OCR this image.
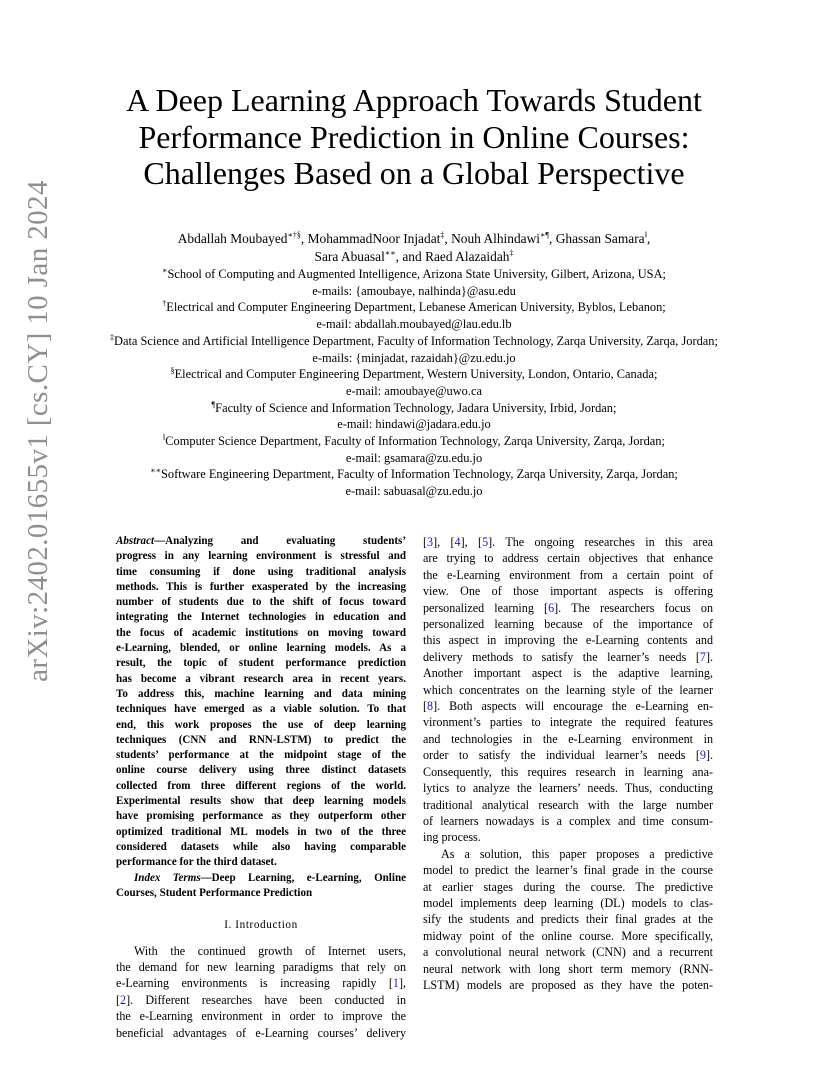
arXiv:2402.01655v1 [cs.CY] 10 Jan 2024
A Deep Learning Approach Towards Student
Performance Prediction in Online Courses:
Challenges Based on a Global Perspective
Abdallah Moubayed∗†§, MohammadNoor Injadat‡, Nouh Alhindawi∗¶, Ghassan Samara‖,
Sara Abuasal∗∗, and Raed Alazaidah‡
∗School of Computing and Augmented Intelligence, Arizona State University, Gilbert, Arizona, USA;
e-mails: {amoubaye, nalhinda}@asu.edu
†Electrical and Computer Engineering Department, Lebanese American University, Byblos, Lebanon;
e-mail: abdallah.moubayed@lau.edu.lb
‡Data Science and Artificial Intelligence Department, Faculty of Information Technology, Zarqa University, Zarqa, Jordan;
e-mails: {minjadat, razaidah}@zu.edu.jo
§Electrical and Computer Engineering Department, Western University, London, Ontario, Canada;
e-mail: amoubaye@uwo.ca
¶Faculty of Science and Information Technology, Jadara University, Irbid, Jordan;
e-mail: hindawi@jadara.edu.jo
‖Computer Science Department, Faculty of Information Technology, Zarqa University, Zarqa, Jordan;
e-mail: gsamara@zu.edu.jo
∗∗Software Engineering Department, Faculty of Information Technology, Zarqa University, Zarqa, Jordan;
e-mail: sabuasal@zu.edu.jo
Abstract—Analyzing and evaluating students’
progress in any learning environment is stressful and
time consuming if done using traditional analysis
methods. This is further exasperated by the increasing
number of students due to the shift of focus toward
integrating the Internet technologies in education and
the focus of academic institutions on moving toward
e-Learning, blended, or online learning models. As a
result, the topic of student performance prediction
has become a vibrant research area in recent years.
To address this, machine learning and data mining
techniques have emerged as a viable solution. To that
end, this work proposes the use of deep learning
techniques (CNN and RNN-LSTM) to predict the
students’ performance at the midpoint stage of the
online course delivery using three distinct datasets
collected from three different regions of the world.
Experimental results show that deep learning models
have promising performance as they outperform other
optimized traditional ML models in two of the three
considered datasets while also having comparable
performance for the third dataset.
Index Terms—Deep Learning, e-Learning, Online
Courses, Student Performance Prediction
I. Introduction
With the continued growth of Internet users,
the demand for new learning paradigms that rely on
e-Learning environments is increasing rapidly [1],
[2]. Different researches have been conducted in
the e-Learning environment in order to improve the
beneficial advantages of e-Learning courses’ delivery
[3], [4], [5]. The ongoing researches in this area
are trying to address certain objectives that enhance
the e-Learning environment from a certain point of
view. One of those important aspects is offering
personalized learning [6]. The researchers focus on
personalized learning because of the importance of
this aspect in improving the e-Learning contents and
delivery methods to satisfy the learner’s needs [7].
Another important aspect is the adaptive learning,
which concentrates on the learning style of the learner
[8]. Both aspects will encourage the e-Learning en-
vironment’s parties to integrate the required features
and technologies in the e-Learning environment in
order to satisfy the individual learner’s needs [9].
Consequently, this requires research in learning ana-
lytics to analyze the learners’ needs. Thus, conducting
traditional analytical research with the large number
of learners nowadays is a complex and time consum-
ing process.
As a solution, this paper proposes a predictive
model to predict the learner’s final grade in the course
at earlier stages during the course. The predictive
model implements deep learning (DL) models to clas-
sify the students and predicts their final grades at the
midway point of the online course. More specifically,
a convolutional neural network (CNN) and a recurrent
neural network with long short term memory (RNN-
LSTM) models are proposed as they have the poten-
